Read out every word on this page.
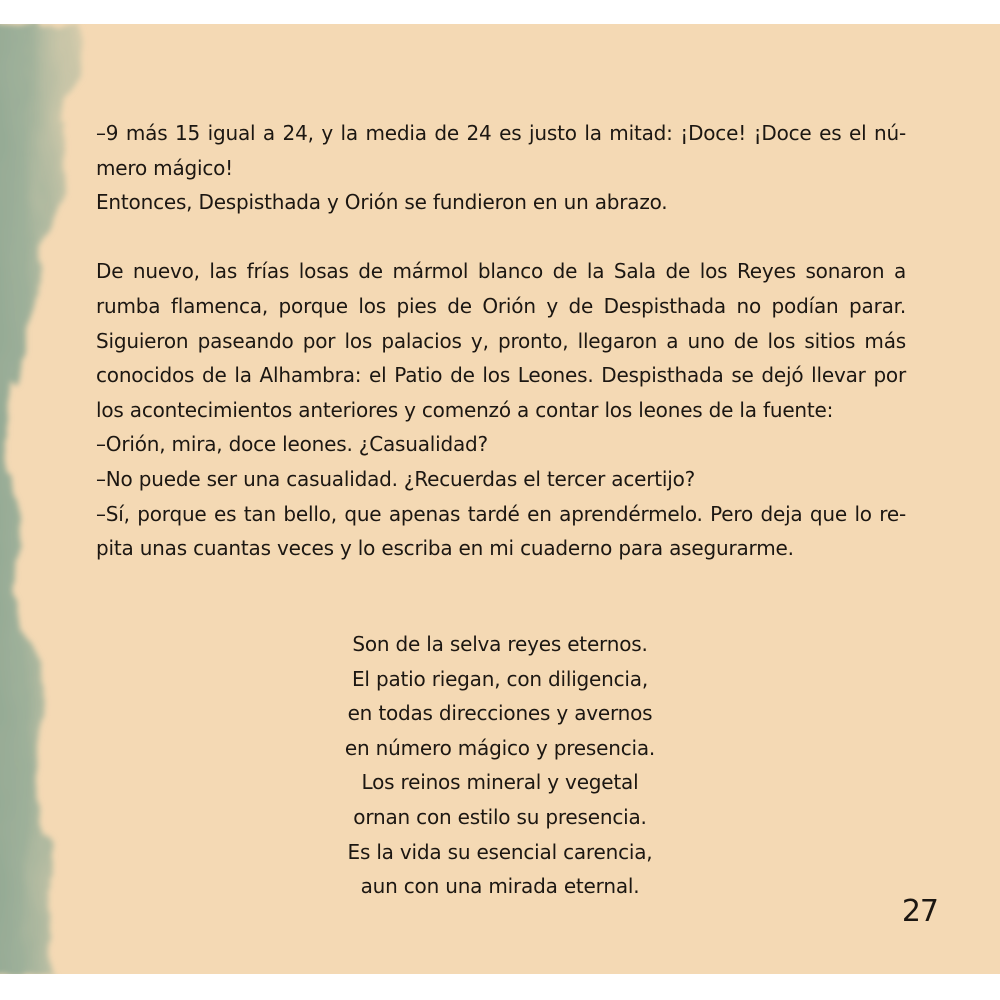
–9 más 15 igual a 24, y la media de 24 es justo la mitad: ¡Doce! ¡Doce es el nú-
mero mágico!
Entonces, Despisthada y Orión se fundieron en un abrazo.

De nuevo, las frías losas de mármol blanco de la Sala de los Reyes sonaron a
rumba flamenca, porque los pies de Orión y de Despisthada no podían parar.
Siguieron paseando por los palacios y, pronto, llegaron a uno de los sitios más
conocidos de la Alhambra: el Patio de los Leones. Despisthada se dejó llevar por
los acontecimientos anteriores y comenzó a contar los leones de la fuente:
–Orión, mira, doce leones. ¿Casualidad?
–No puede ser una casualidad. ¿Recuerdas el tercer acertijo?
–Sí, porque es tan bello, que apenas tardé en aprendérmelo. Pero deja que lo re-
pita unas cuantas veces y lo escriba en mi cuaderno para asegurarme.

Son de la selva reyes eternos.
El patio riegan, con diligencia,
en todas direcciones y avernos
en número mágico y presencia.
Los reinos mineral y vegetal
ornan con estilo su presencia.
Es la vida su esencial carencia,
aun con una mirada eternal.
27
